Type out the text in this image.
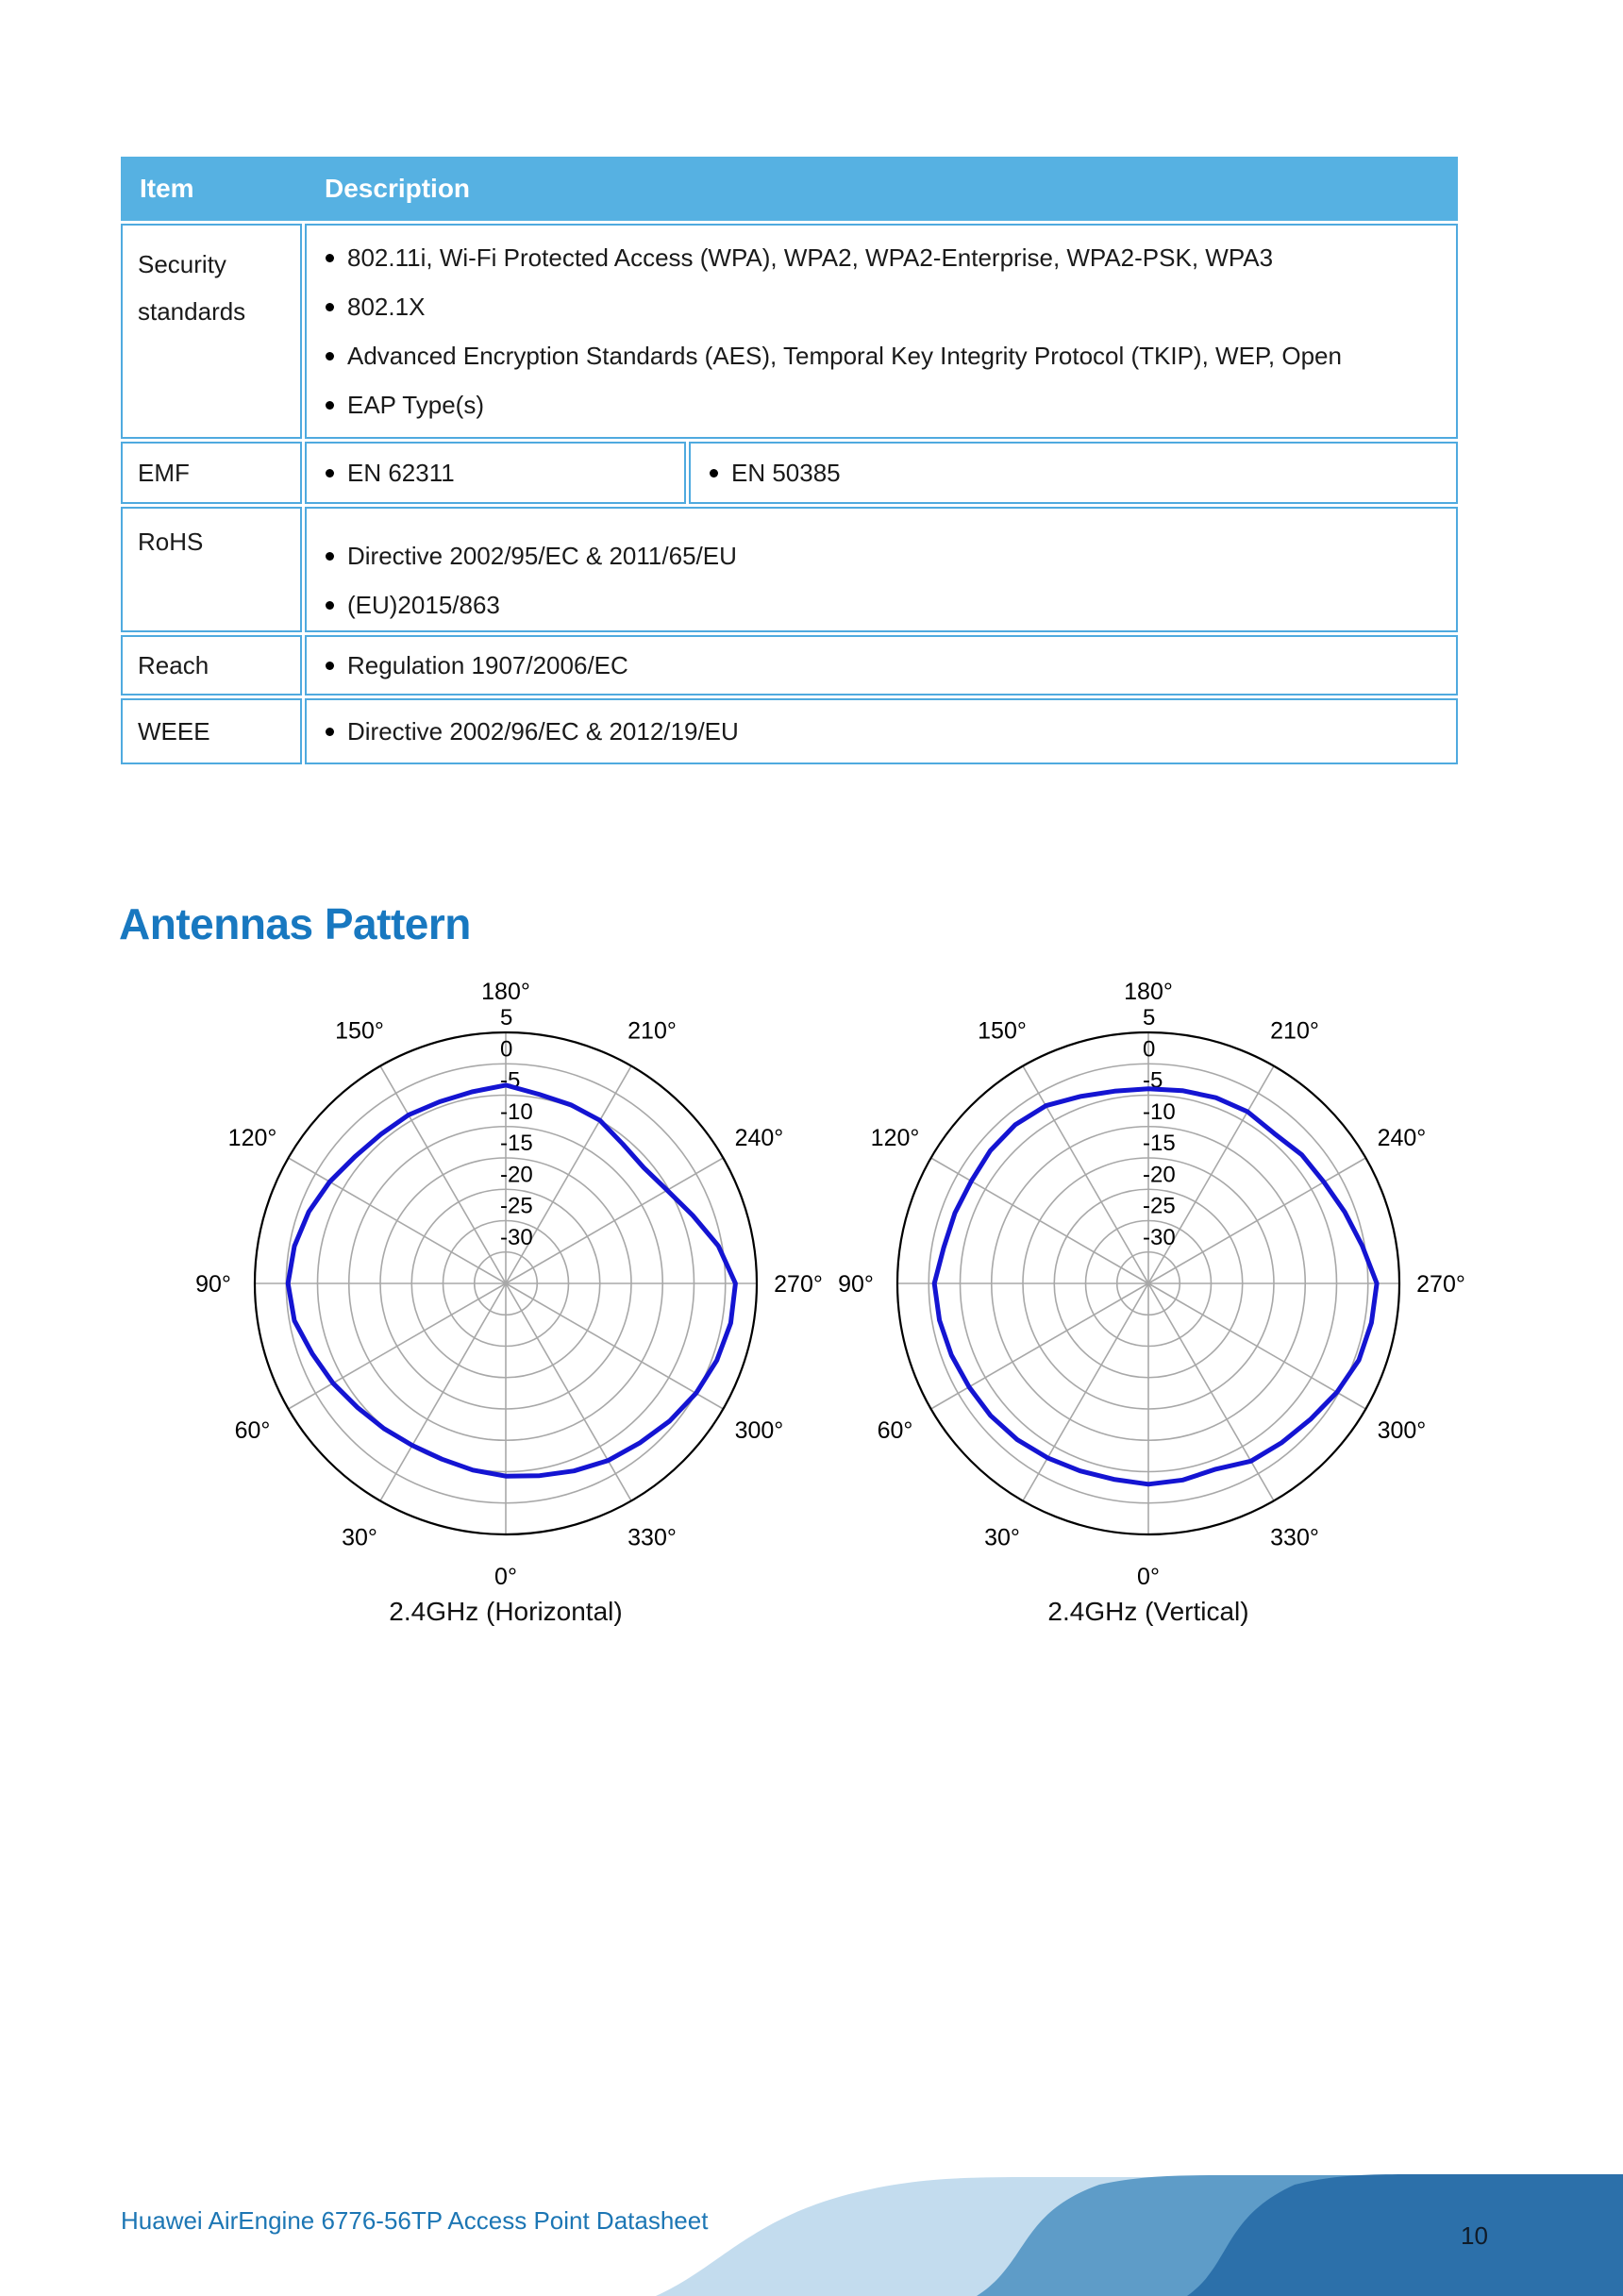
Item Description		
Security standards	802.11i, Wi-Fi Protected Access (WPA), WPA2, WPA2-Enterprise, WPA2-PSK, WPA3
802.1X
Advanced Encryption Standards (AES), Temporal Key Integrity Protocol (TKIP), WEP, Open
EAP Type(s)	

EMF	EN 62311	EN 50385

RoHS	Directive 2002/95/EC & 2011/65/EU
(EU)2015/863	

Reach	Regulation 1907/2006/EC	

WEEE	Directive 2002/96/EC & 2012/19/EU	
Antennas Pattern
180°
210°
240°
270°
300°
330°
0°
30°
60°
90°
120°
150°
5
0
-5
-10
-15
-20
-25
-30
180°
210°
240°
270°
300°
330°
0°
30°
60°
90°
120°
150°
5
0
-5
-10
-15
-20
-25
-30
2.4GHz (Horizontal)	2.4GHz (Vertical)
Huawei AirEngine 6776-56TP Access Point Datasheet
10
